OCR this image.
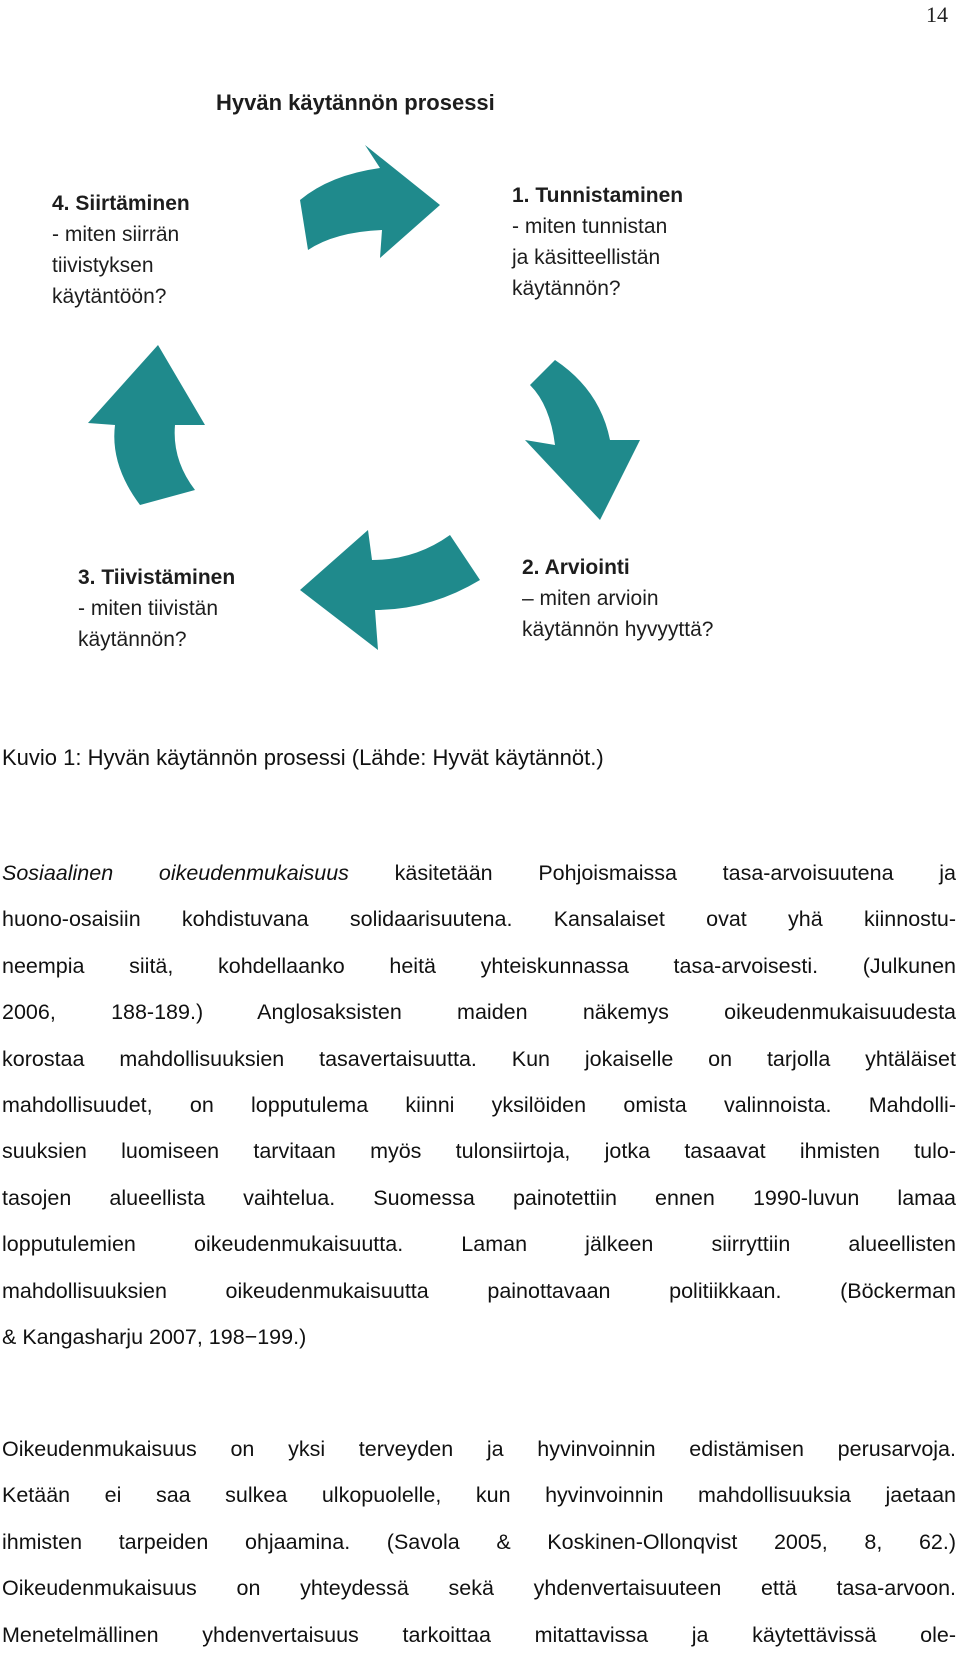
14
Hyvän käytännön prosessi
1. Tunnistaminen
- miten tunnistan
ja käsitteellistän
käytännön?
2. Arviointi
– miten arvioin
käytännön hyvyyttä?
3. Tiivistäminen
- miten tiivistän
käytännön?
4. Siirtäminen
- miten siirrän
tiivistyksen
käytäntöön?
Kuvio 1: Hyvän käytännön prosessi (Lähde: Hyvät käytännöt.)
Sosiaalinen oikeudenmukaisuus käsitetään Pohjoismaissa tasa-arvoisuutena ja
huono-osaisiin kohdistuvana solidaarisuutena. Kansalaiset ovat yhä kiinnostu-
neempia siitä, kohdellaanko heitä yhteiskunnassa tasa-arvoisesti. (Julkunen
2006, 188-189.) Anglosaksisten maiden näkemys oikeudenmukaisuudesta
korostaa mahdollisuuksien tasavertaisuutta. Kun jokaiselle on tarjolla yhtäläiset
mahdollisuudet, on lopputulema kiinni yksilöiden omista valinnoista. Mahdolli-
suuksien luomiseen tarvitaan myös tulonsiirtoja, jotka tasaavat ihmisten tulo-
tasojen alueellista vaihtelua. Suomessa painotettiin ennen 1990-luvun lamaa
lopputulemien oikeudenmukaisuutta. Laman jälkeen siirryttiin alueellisten
mahdollisuuksien oikeudenmukaisuutta painottavaan politiikkaan. (Böckerman
& Kangasharju 2007, 198−199.)
Oikeudenmukaisuus on yksi terveyden ja hyvinvoinnin edistämisen perusarvoja.
Ketään ei saa sulkea ulkopuolelle, kun hyvinvoinnin mahdollisuuksia jaetaan
ihmisten tarpeiden ohjaamina. (Savola & Koskinen-Ollonqvist 2005, 8, 62.)
Oikeudenmukaisuus on yhteydessä sekä yhdenvertaisuuteen että tasa-arvoon.
Menetelmällinen yhdenvertaisuus tarkoittaa mitattavissa ja käytettävissä ole-
